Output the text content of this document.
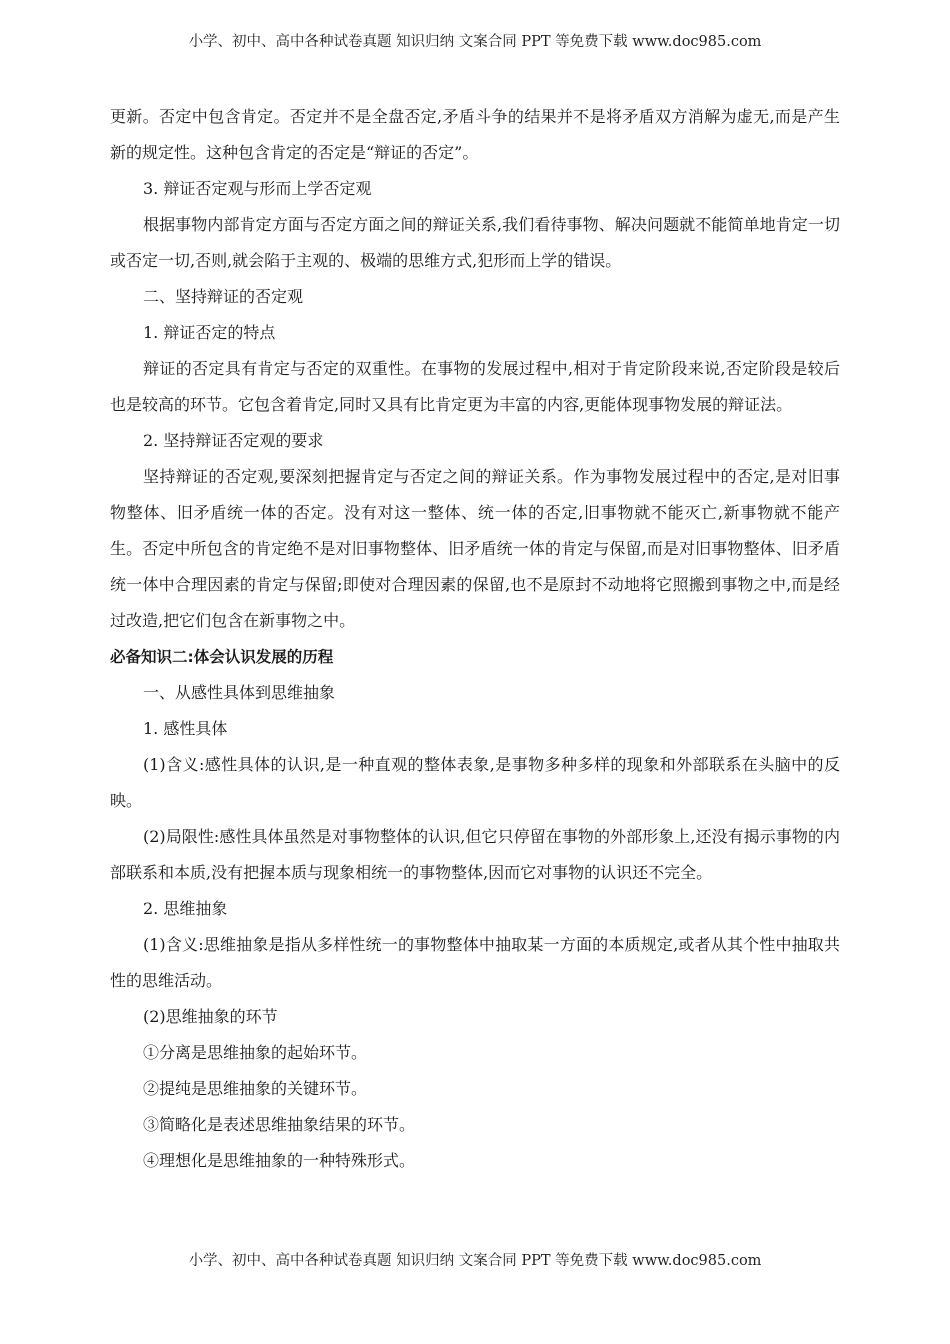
小学、初中、高中各种试卷真题 知识归纳 文案合同 PPT 等免费下载 www.doc985.com

更新。否定中包含肯定。否定并不是全盘否定,矛盾斗争的结果并不是将矛盾双方消解为虚无,而是产生新的规定性。这种包含肯定的否定是“辩证的否定”。

3. 辩证否定观与形而上学否定观

根据事物内部肯定方面与否定方面之间的辩证关系,我们看待事物、解决问题就不能简单地肯定一切或否定一切,否则,就会陷于主观的、极端的思维方式,犯形而上学的错误。

二、坚持辩证的否定观

1. 辩证否定的特点

辩证的否定具有肯定与否定的双重性。在事物的发展过程中,相对于肯定阶段来说,否定阶段是较后也是较高的环节。它包含着肯定,同时又具有比肯定更为丰富的内容,更能体现事物发展的辩证法。

2. 坚持辩证否定观的要求

坚持辩证的否定观,要深刻把握肯定与否定之间的辩证关系。作为事物发展过程中的否定,是对旧事物整体、旧矛盾统一体的否定。没有对这一整体、统一体的否定,旧事物就不能灭亡,新事物就不能产生。否定中所包含的肯定绝不是对旧事物整体、旧矛盾统一体的肯定与保留,而是对旧事物整体、旧矛盾统一体中合理因素的肯定与保留;即使对合理因素的保留,也不是原封不动地将它照搬到事物之中,而是经过改造,把它们包含在新事物之中。

必备知识二:体会认识发展的历程

一、从感性具体到思维抽象

1. 感性具体

(1)含义:感性具体的认识,是一种直观的整体表象,是事物多种多样的现象和外部联系在头脑中的反映。

(2)局限性:感性具体虽然是对事物整体的认识,但它只停留在事物的外部形象上,还没有揭示事物的内部联系和本质,没有把握本质与现象相统一的事物整体,因而它对事物的认识还不完全。

2. 思维抽象

(1)含义:思维抽象是指从多样性统一的事物整体中抽取某一方面的本质规定,或者从其个性中抽取共性的思维活动。

(2)思维抽象的环节

①分离是思维抽象的起始环节。

②提纯是思维抽象的关键环节。

③简略化是表述思维抽象结果的环节。

④理想化是思维抽象的一种特殊形式。

小学、初中、高中各种试卷真题 知识归纳 文案合同 PPT 等免费下载 www.doc985.com
